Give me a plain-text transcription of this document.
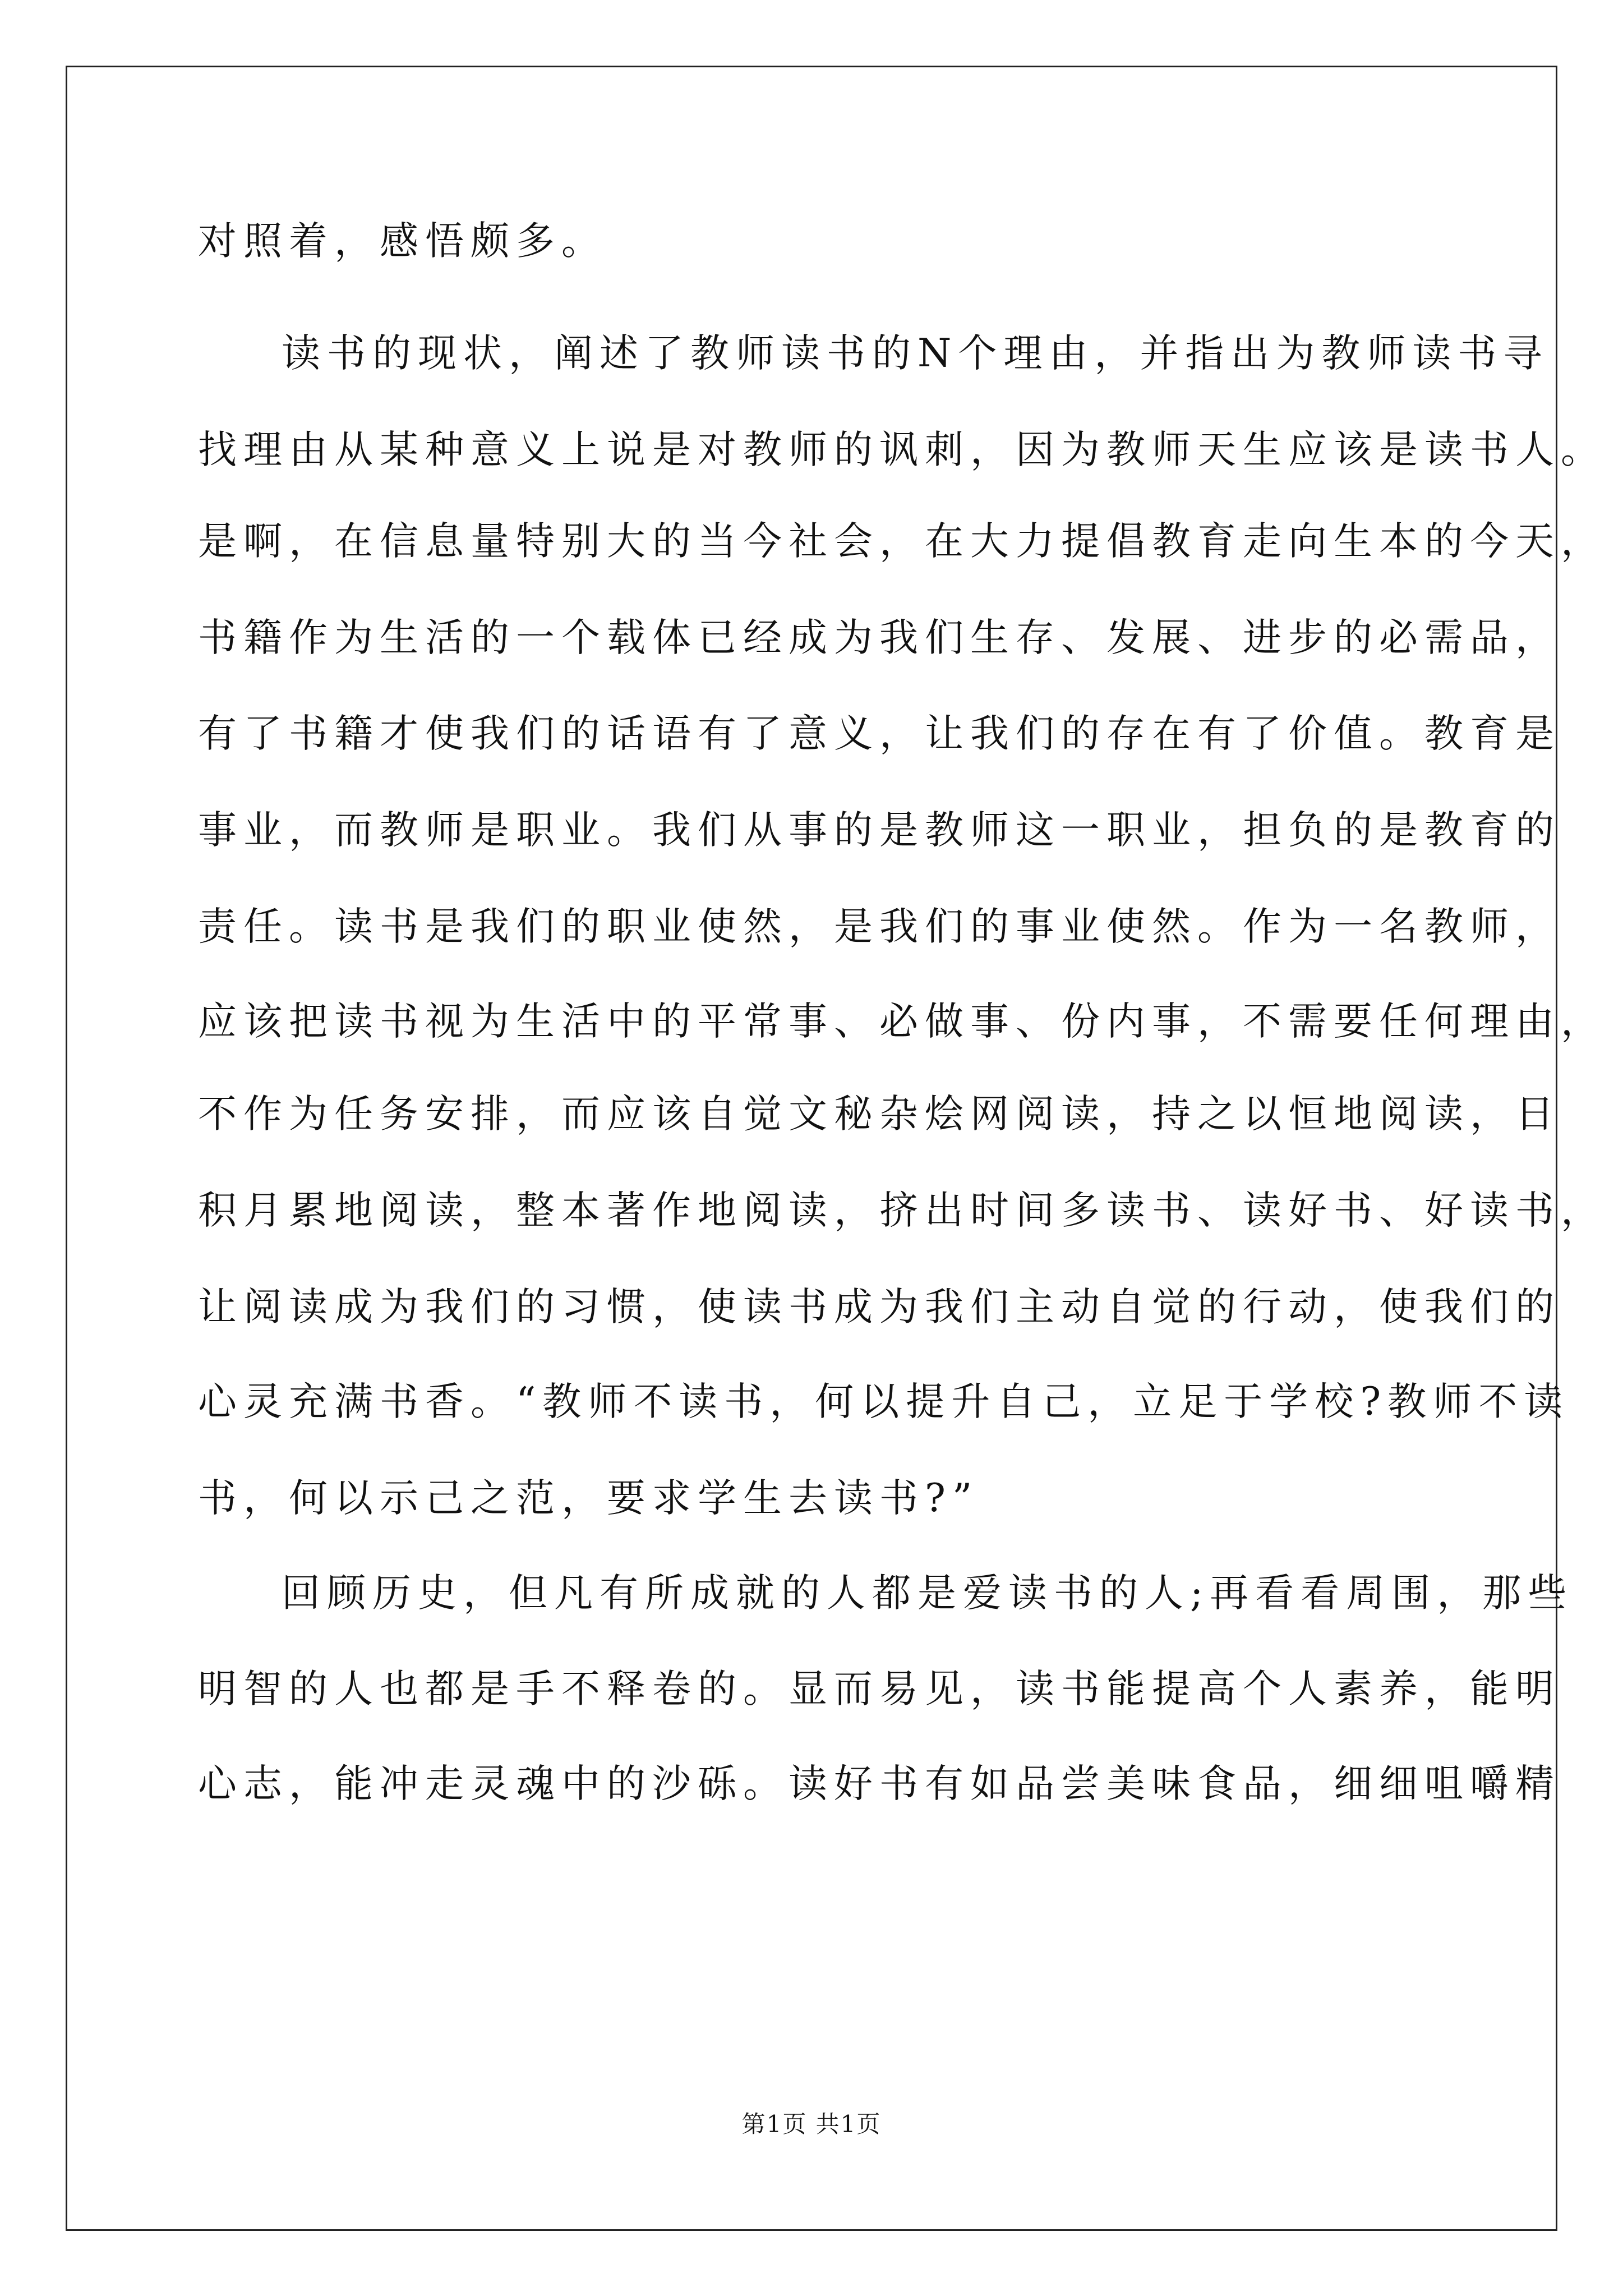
对照着，感悟颇多。
读书的现状，阐述了教师读书的N个理由，并指出为教师读书寻
找理由从某种意义上说是对教师的讽刺，因为教师天生应该是读书人。
是啊，在信息量特别大的当今社会，在大力提倡教育走向生本的今天，
书籍作为生活的一个载体已经成为我们生存、发展、进步的必需品，
有了书籍才使我们的话语有了意义，让我们的存在有了价值。教育是
事业，而教师是职业。我们从事的是教师这一职业，担负的是教育的
责任。读书是我们的职业使然，是我们的事业使然。作为一名教师，
应该把读书视为生活中的平常事、必做事、份内事，不需要任何理由，
不作为任务安排，而应该自觉文秘杂烩网阅读，持之以恒地阅读，日
积月累地阅读，整本著作地阅读，挤出时间多读书、读好书、好读书，
让阅读成为我们的习惯，使读书成为我们主动自觉的行动，使我们的
心灵充满书香。“教师不读书，何以提升自己，立足于学校?教师不读
书，何以示己之范，要求学生去读书?”
回顾历史，但凡有所成就的人都是爱读书的人;再看看周围，那些
明智的人也都是手不释卷的。显而易见，读书能提高个人素养，能明
心志，能冲走灵魂中的沙砾。读好书有如品尝美味食品，细细咀嚼精
第1页 共1页
